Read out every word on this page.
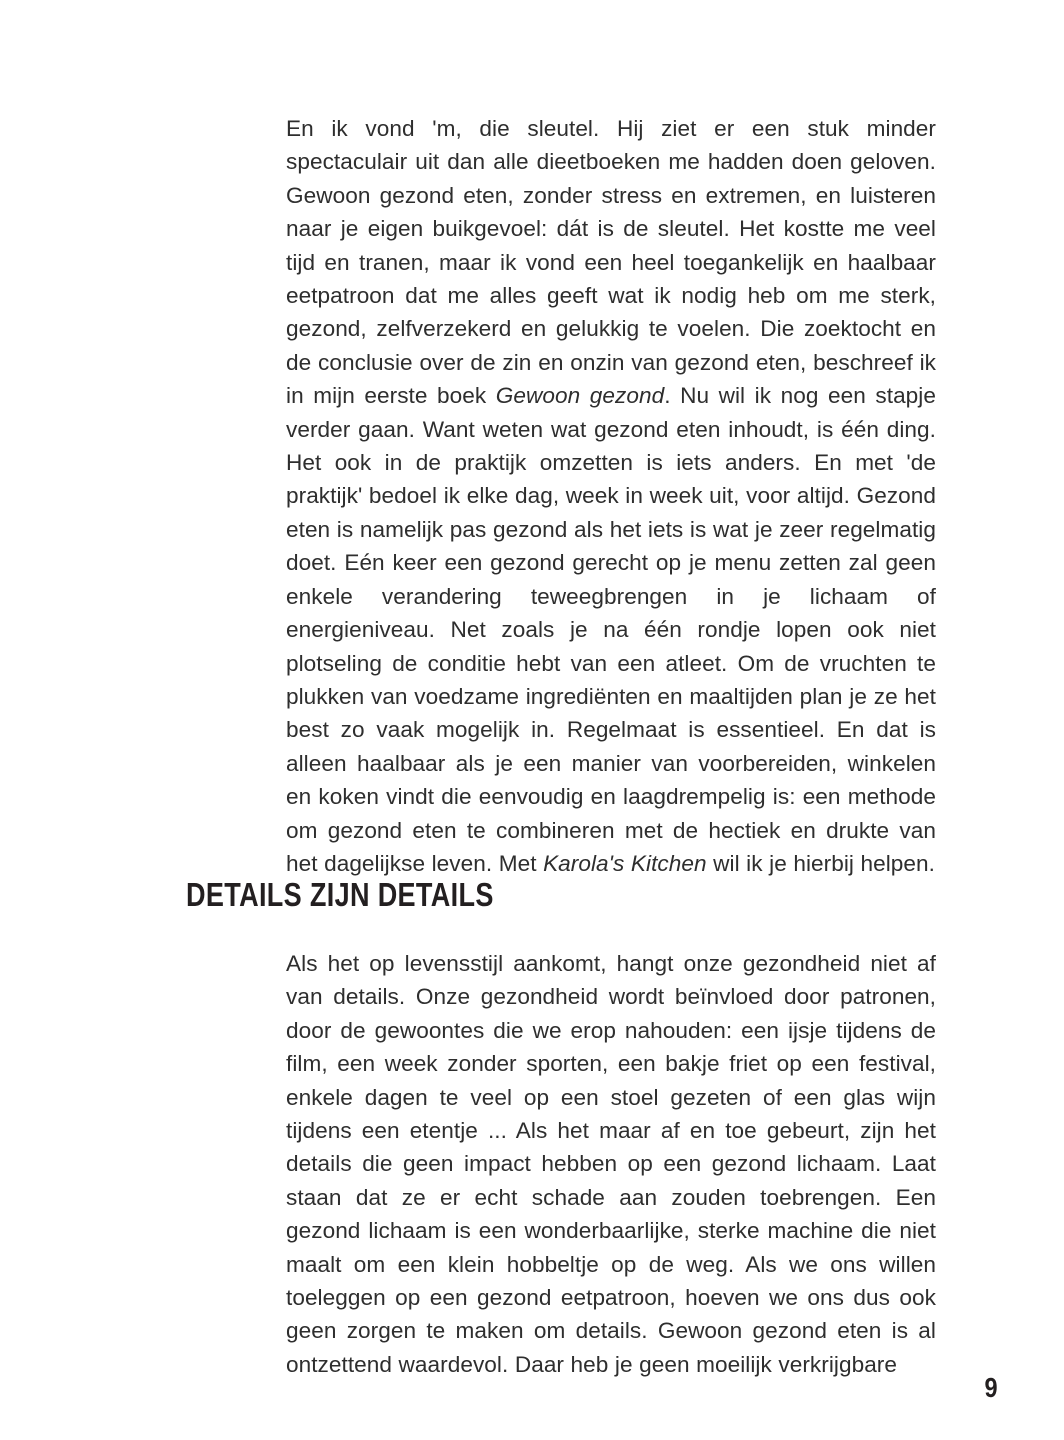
En ik vond 'm, die sleutel. Hij ziet er een stuk minder spectaculair uit dan alle dieetboeken me hadden doen geloven. Gewoon gezond eten, zonder stress en extremen, en luisteren naar je eigen buikgevoel: dát is de sleutel. Het kostte me veel tijd en tranen, maar ik vond een heel toegankelijk en haalbaar eetpatroon dat me alles geeft wat ik nodig heb om me sterk, gezond, zelfverzekerd en gelukkig te voelen. Die zoektocht en de conclusie over de zin en onzin van gezond eten, beschreef ik in mijn eerste boek Gewoon gezond. Nu wil ik nog een stapje verder gaan. Want weten wat gezond eten inhoudt, is één ding. Het ook in de praktijk omzetten is iets anders. En met 'de praktijk' bedoel ik elke dag, week in week uit, voor altijd. Gezond eten is namelijk pas gezond als het iets is wat je zeer regelmatig doet. Eén keer een gezond gerecht op je menu zetten zal geen enkele verandering teweegbrengen in je lichaam of energieniveau. Net zoals je na één rondje lopen ook niet plotseling de conditie hebt van een atleet. Om de vruchten te plukken van voedzame ingrediënten en maaltijden plan je ze het best zo vaak mogelijk in. Regelmaat is essentieel. En dat is alleen haalbaar als je een manier van voorbereiden, winkelen en koken vindt die eenvoudig en laagdrempelig is: een methode om gezond eten te combineren met de hectiek en drukte van het dagelijkse leven. Met Karola's Kitchen wil ik je hierbij helpen.

DETAILS ZIJN DETAILS

Als het op levensstijl aankomt, hangt onze gezondheid niet af van details. Onze gezondheid wordt beïnvloed door patronen, door de gewoontes die we erop nahouden: een ijsje tijdens de film, een week zonder sporten, een bakje friet op een festival, enkele dagen te veel op een stoel gezeten of een glas wijn tijdens een etentje ... Als het maar af en toe gebeurt, zijn het details die geen impact hebben op een gezond lichaam. Laat staan dat ze er echt schade aan zouden toebrengen. Een gezond lichaam is een wonderbaarlijke, sterke machine die niet maalt om een klein hobbeltje op de weg. Als we ons willen toeleggen op een gezond eetpatroon, hoeven we ons dus ook geen zorgen te maken om details. Gewoon gezond eten is al ontzettend waardevol. Daar heb je geen moeilijk verkrijgbare

9
